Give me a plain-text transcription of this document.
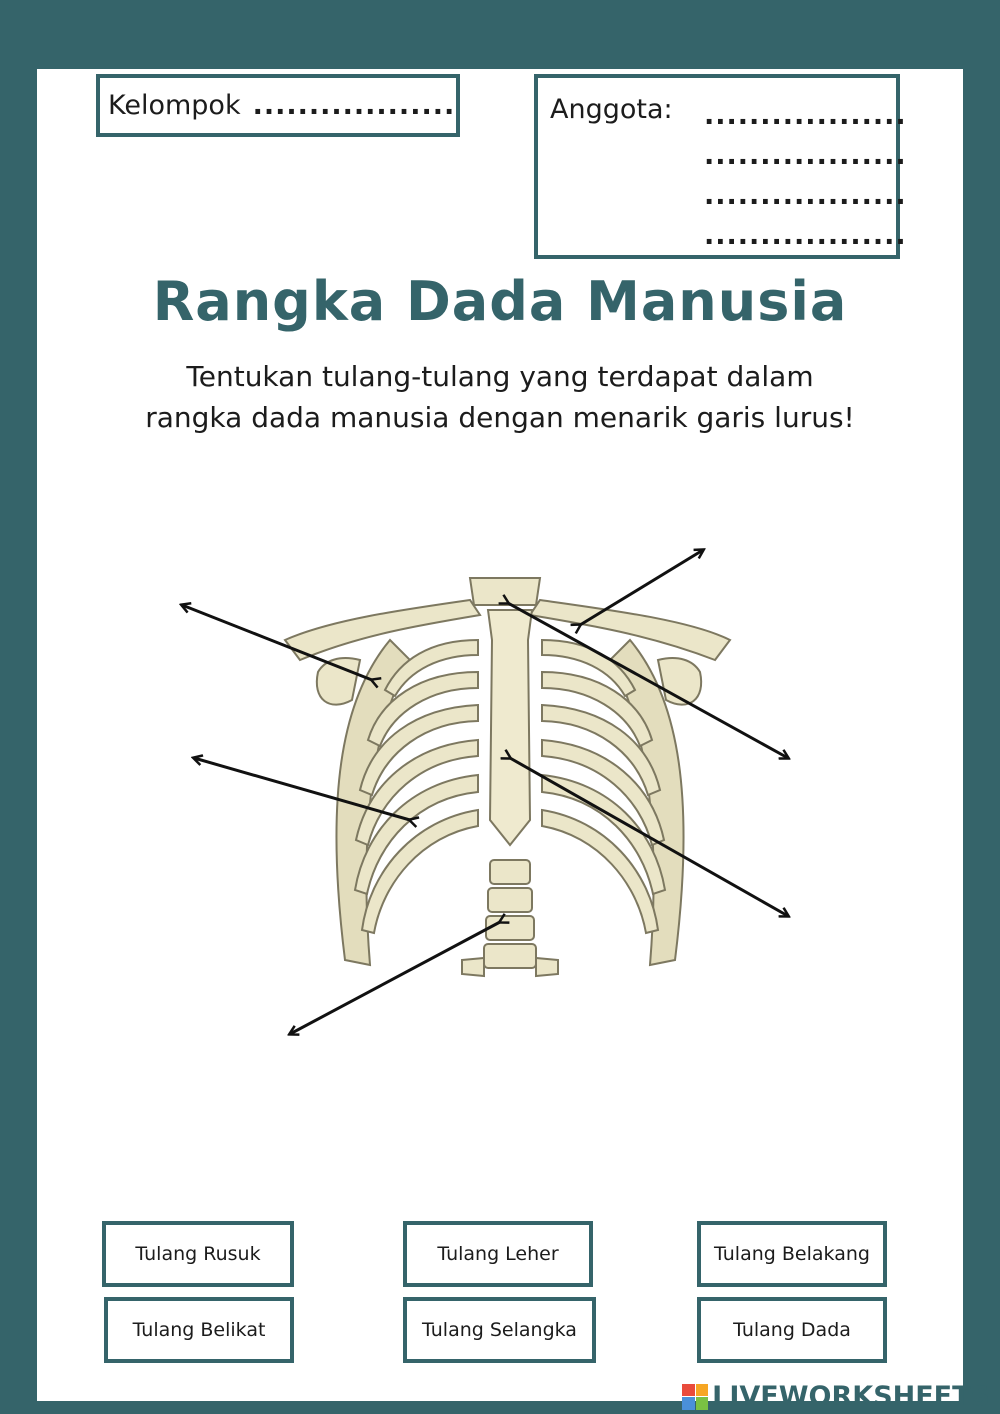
Kelompok ..................	Anggota: ..................
..................
..................
..................
Rangka Dada Manusia
Tentukan tulang-tulang yang terdapat dalam
rangka dada manusia dengan menarik garis lurus!
Tulang Rusuk	Tulang Leher	Tulang Belakang
Tulang Belikat	Tulang Selangka	Tulang Dada
LIVEWORKSHEETS
